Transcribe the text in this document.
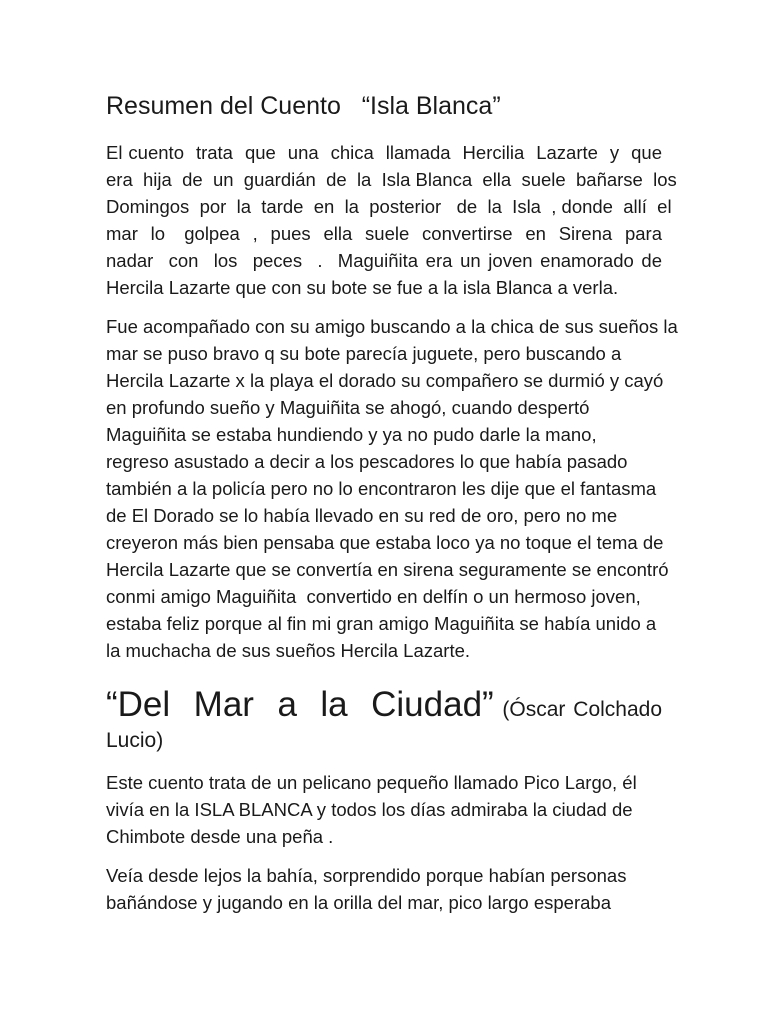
Resumen del Cuento   “Isla Blanca”

El cuento  trata  que  una  chica  llamada  Hercilia  Lazarte  y  que
era  hija  de  un  guardián  de  la  Isla Blanca  ella  suele  bañarse  los
Domingos  por  la  tarde  en  la  posterior   de  la  Isla  , donde  allí  el
mar  lo   golpea  ,  pues  ella  suele  convertirse  en  Sirena  para
nadar  con  los  peces  .  Maguiñita era un joven enamorado de
Hercila Lazarte que con su bote se fue a la isla Blanca a verla.

Fue acompañado con su amigo buscando a la chica de sus sueños la
mar se puso bravo q su bote parecía juguete, pero buscando a
Hercila Lazarte x la playa el dorado su compañero se durmió y cayó
en profundo sueño y Maguiñita se ahogó, cuando despertó
Maguiñita se estaba hundiendo y ya no pudo darle la mano,
regreso asustado a decir a los pescadores lo que había pasado
también a la policía pero no lo encontraron les dije que el fantasma
de El Dorado se lo había llevado en su red de oro, pero no me
creyeron más bien pensaba que estaba loco ya no toque el tema de
Hercila Lazarte que se convertía en sirena seguramente se encontró
conmi amigo Maguiñita  convertido en delfín o un hermoso joven,
estaba feliz porque al fin mi gran amigo Maguiñita se había unido a
la muchacha de sus sueños Hercila Lazarte.

“Del  Mar  a  la  Ciudad” (Óscar Colchado
Lucio)

Este cuento trata de un pelicano pequeño llamado Pico Largo, él
vivía en la ISLA BLANCA y todos los días admiraba la ciudad de
Chimbote desde una peña .

Veía desde lejos la bahía, sorprendido porque habían personas
bañándose y jugando en la orilla del mar, pico largo esperaba
